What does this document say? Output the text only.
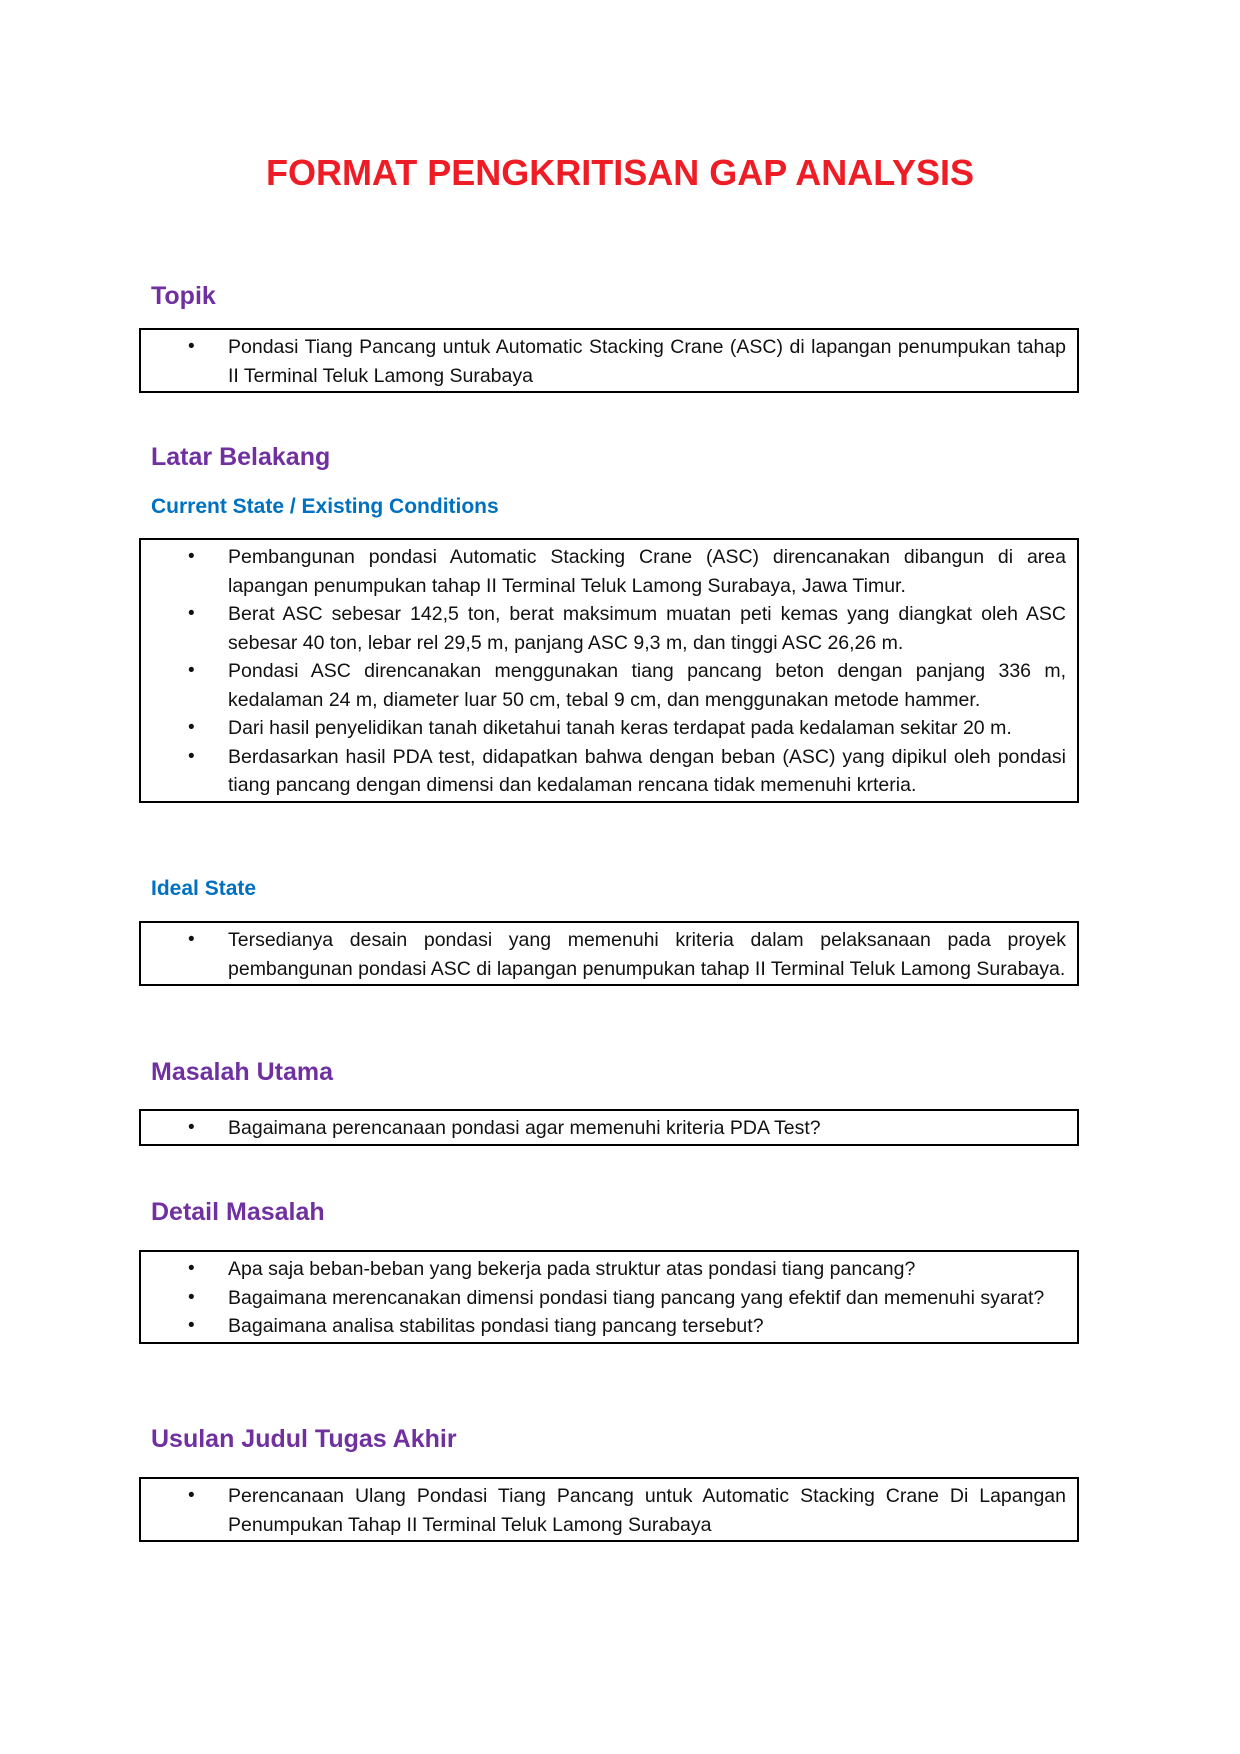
FORMAT PENGKRITISAN GAP ANALYSIS
Topik
• Pondasi Tiang Pancang untuk Automatic Stacking Crane (ASC) di lapangan penumpukan tahap II Terminal Teluk Lamong Surabaya
Latar Belakang
Current State / Existing Conditions
• Pembangunan pondasi Automatic Stacking Crane (ASC) direncanakan dibangun di area lapangan penumpukan tahap II Terminal Teluk Lamong Surabaya, Jawa Timur.
• Berat ASC sebesar 142,5 ton, berat maksimum muatan peti kemas yang diangkat oleh ASC sebesar 40 ton, lebar rel 29,5 m, panjang ASC 9,3 m, dan tinggi ASC 26,26 m.
• Pondasi ASC direncanakan menggunakan tiang pancang beton dengan panjang 336 m, kedalaman 24 m, diameter luar 50 cm, tebal 9 cm, dan menggunakan metode hammer.
• Dari hasil penyelidikan tanah diketahui tanah keras terdapat pada kedalaman sekitar 20 m.
• Berdasarkan hasil PDA test, didapatkan bahwa dengan beban (ASC) yang dipikul oleh pondasi tiang pancang dengan dimensi dan kedalaman rencana tidak memenuhi krteria.
Ideal State
• Tersedianya desain pondasi yang memenuhi kriteria dalam pelaksanaan pada proyek pembangunan pondasi ASC di lapangan penumpukan tahap II Terminal Teluk Lamong Surabaya.
Masalah Utama
• Bagaimana perencanaan pondasi agar memenuhi kriteria PDA Test?
Detail Masalah
• Apa saja beban-beban yang bekerja pada struktur atas pondasi tiang pancang?
• Bagaimana merencanakan dimensi pondasi tiang pancang yang efektif dan memenuhi syarat?
• Bagaimana analisa stabilitas pondasi tiang pancang tersebut?
Usulan Judul Tugas Akhir
• Perencanaan Ulang Pondasi Tiang Pancang untuk Automatic Stacking Crane Di Lapangan Penumpukan Tahap II Terminal Teluk Lamong Surabaya
